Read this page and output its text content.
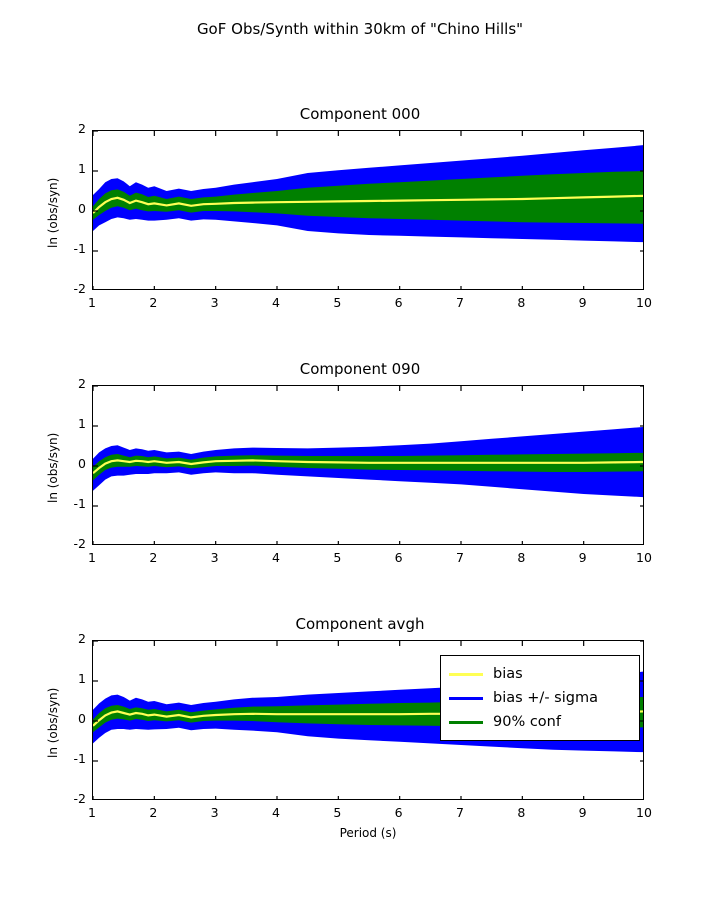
GoF Obs/Synth within 30km of "Chino Hills"
Component 000
Component 090
Component avgh
1	2	3	4	5	6	7	8	9	10
-2
-1
0
1
2
ln (obs/syn)
1	2	3	4	5	6	7	8	9	10
-2
-1
0
1
2
ln (obs/syn)
1	2	3	4	5	6	7	8	9	10
-2
-1
0
1
2
ln (obs/syn)
Period (s)
bias
bias +/- sigma
90% conf
